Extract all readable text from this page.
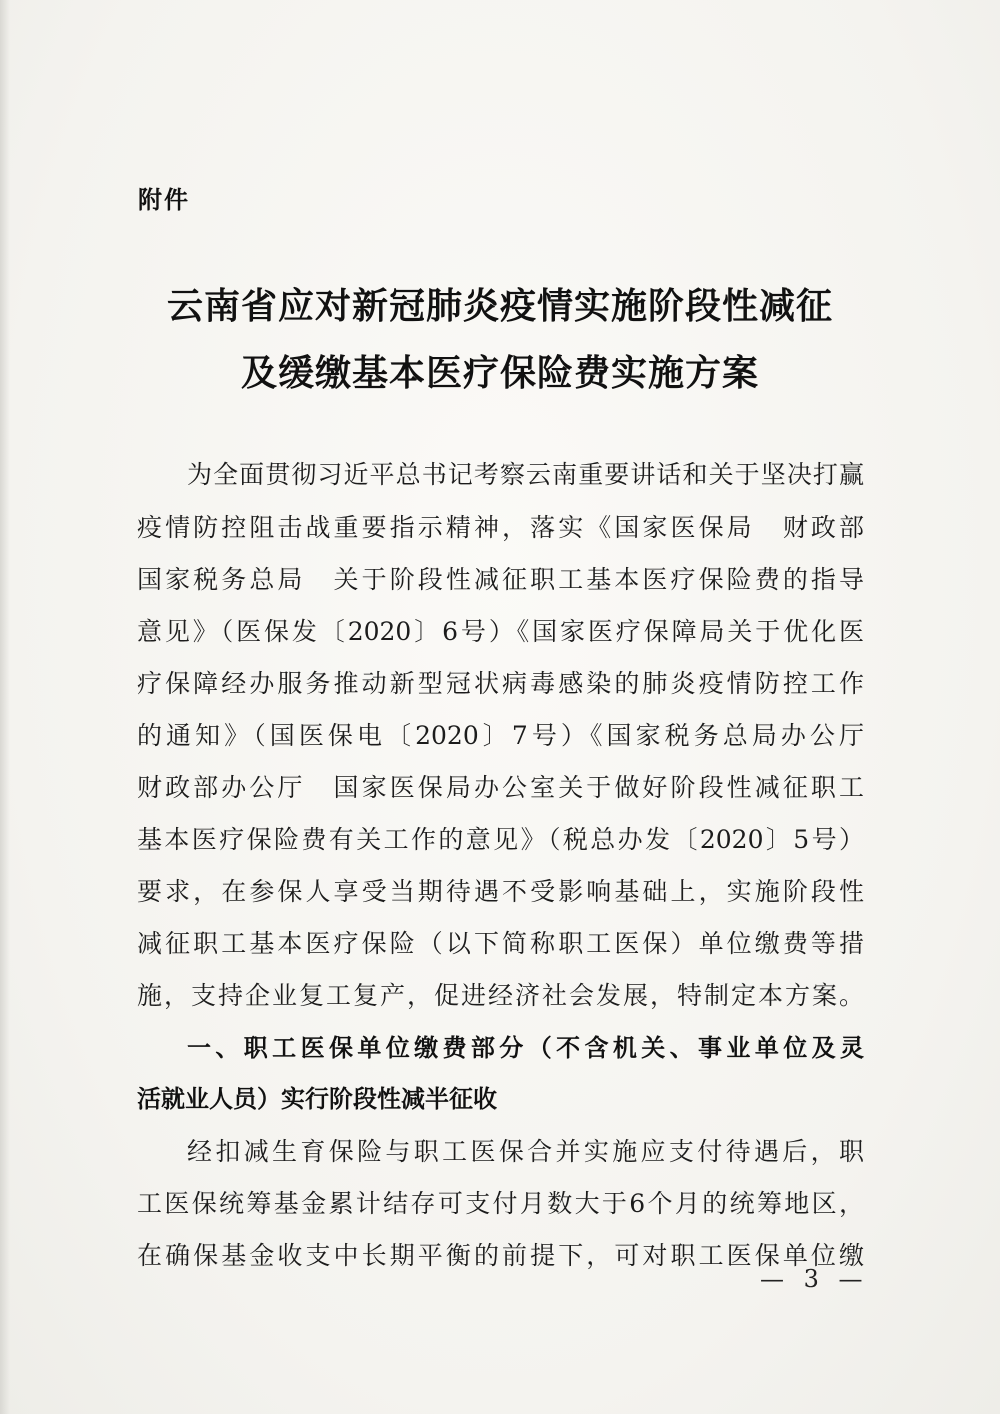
附件
云南省应对新冠肺炎疫情实施阶段性减征
及缓缴基本医疗保险费实施方案
为全面贯彻习近平总书记考察云南重要讲话和关于坚决打赢
疫情防控阻击战重要指示精神，落实《国家医保局　财政部
国家税务总局　关于阶段性减征职工基本医疗保险费的指导
意见》（医保发〔2020〕6号）《国家医疗保障局关于优化医
疗保障经办服务推动新型冠状病毒感染的肺炎疫情防控工作
的通知》（国医保电〔2020〕7号）《国家税务总局办公厅
财政部办公厅　国家医保局办公室关于做好阶段性减征职工
基本医疗保险费有关工作的意见》（税总办发〔2020〕5号）
要求，在参保人享受当期待遇不受影响基础上，实施阶段性
减征职工基本医疗保险（以下简称职工医保）单位缴费等措
施，支持企业复工复产，促进经济社会发展，特制定本方案。
一、职工医保单位缴费部分（不含机关、事业单位及灵
活就业人员）实行阶段性减半征收
经扣减生育保险与职工医保合并实施应支付待遇后，职
工医保统筹基金累计结存可支付月数大于6个月的统筹地区，
在确保基金收支中长期平衡的前提下，可对职工医保单位缴
— 3 —
